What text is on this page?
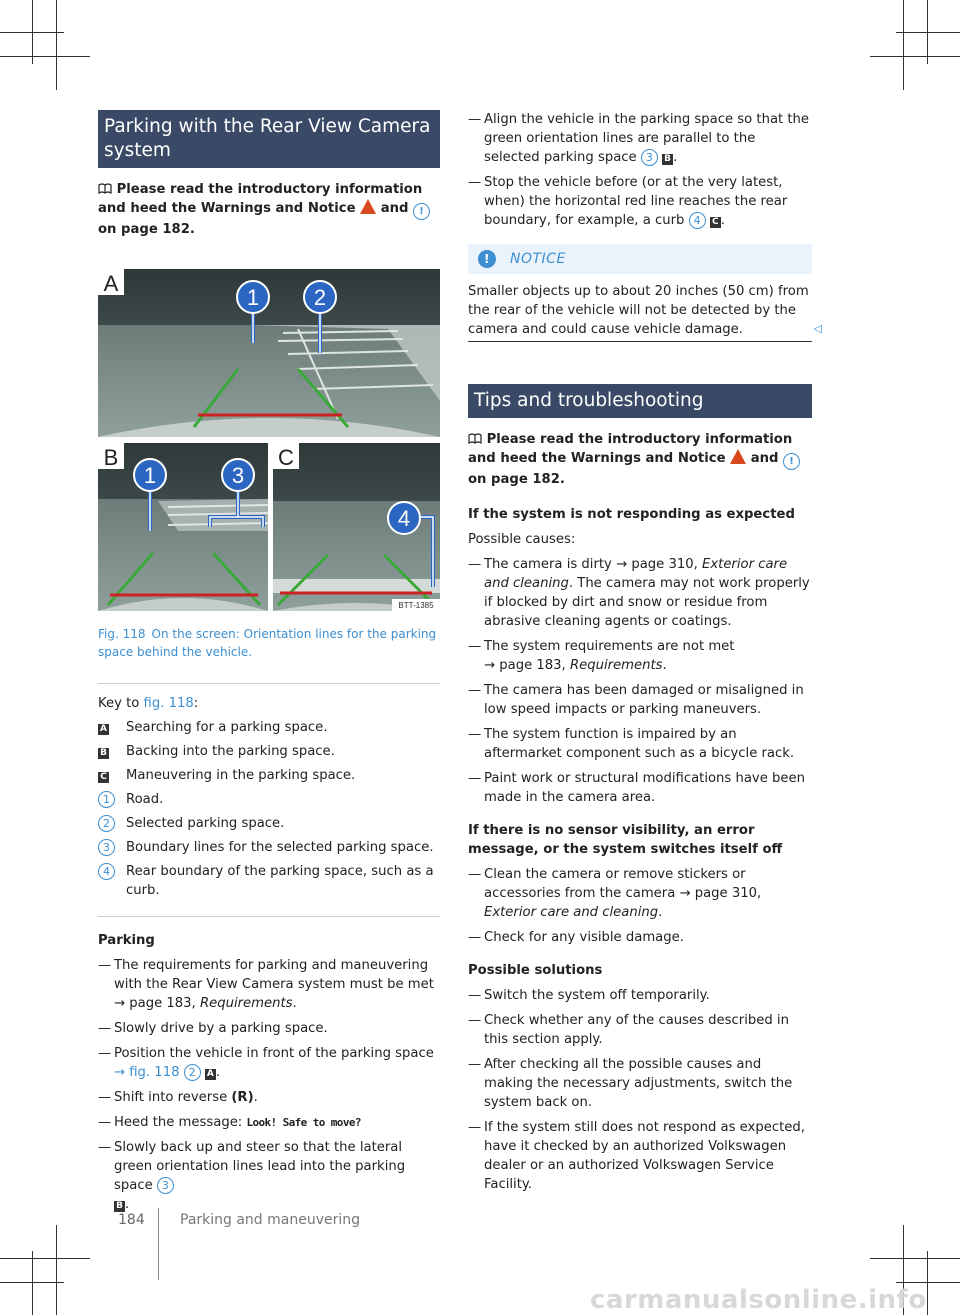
Parking with the Rear View Camera
system
Please read the introductory information and heed the Warnings and Notice and ! on page 182.
1 2
A
1	3
B
4
C
BTT-1385
Fig. 118 On the screen: Orientation lines for the parking space behind the vehicle.
Key to fig. 118:
A	Searching for a parking space.
B	Backing into the parking space.
C	Maneuvering in the parking space.
1	Road.
2	Selected parking space.
3	Boundary lines for the selected parking space.
4	Rear boundary of the parking space, such as a curb.
Parking
— The requirements for parking and maneuvering with the Rear View Camera system must be met → page 183, Requirements.
— Slowly drive by a parking space.
— Position the vehicle in front of the parking space → fig. 118 2 A .
— Shift into reverse (R).
— Heed the message: Look! Safe to move?
— Slowly back up and steer so that the lateral green orientation lines lead into the parking space 3
B .
— Align the vehicle in the parking space so that the green orientation lines are parallel to the selected parking space 3 B .
— Stop the vehicle before (or at the very latest, when) the horizontal red line reaches the rear boundary, for example, a curb 4 C .
!	NOTICE
Smaller objects up to about 20 inches (50 cm) from the rear of the vehicle will not be detected by the camera and could cause vehicle damage.	◁
Tips and troubleshooting
Please read the introductory information and heed the Warnings and Notice and ! on page 182.
If the system is not responding as expected
Possible causes:
— The camera is dirty → page 310, Exterior care and cleaning. The camera may not work properly if blocked by dirt and snow or residue from abrasive cleaning agents or coatings.
— The system requirements are not met
→ page 183, Requirements.
— The camera has been damaged or misaligned in low speed impacts or parking maneuvers.
— The system function is impaired by an aftermarket component such as a bicycle rack.
— Paint work or structural modifications have been made in the camera area.
If there is no sensor visibility, an error message, or the system switches itself off
— Clean the camera or remove stickers or accessories from the camera → page 310, Exterior care and cleaning.
— Check for any visible damage.
Possible solutions
— Switch the system off temporarily.
— Check whether any of the causes described in this section apply.
— After checking all the possible causes and making the necessary adjustments, switch the system back on.
— If the system still does not respond as expected, have it checked by an authorized Volkswagen dealer or an authorized Volkswagen Service Facility.
184	Parking and maneuvering
carmanualsonline.info
